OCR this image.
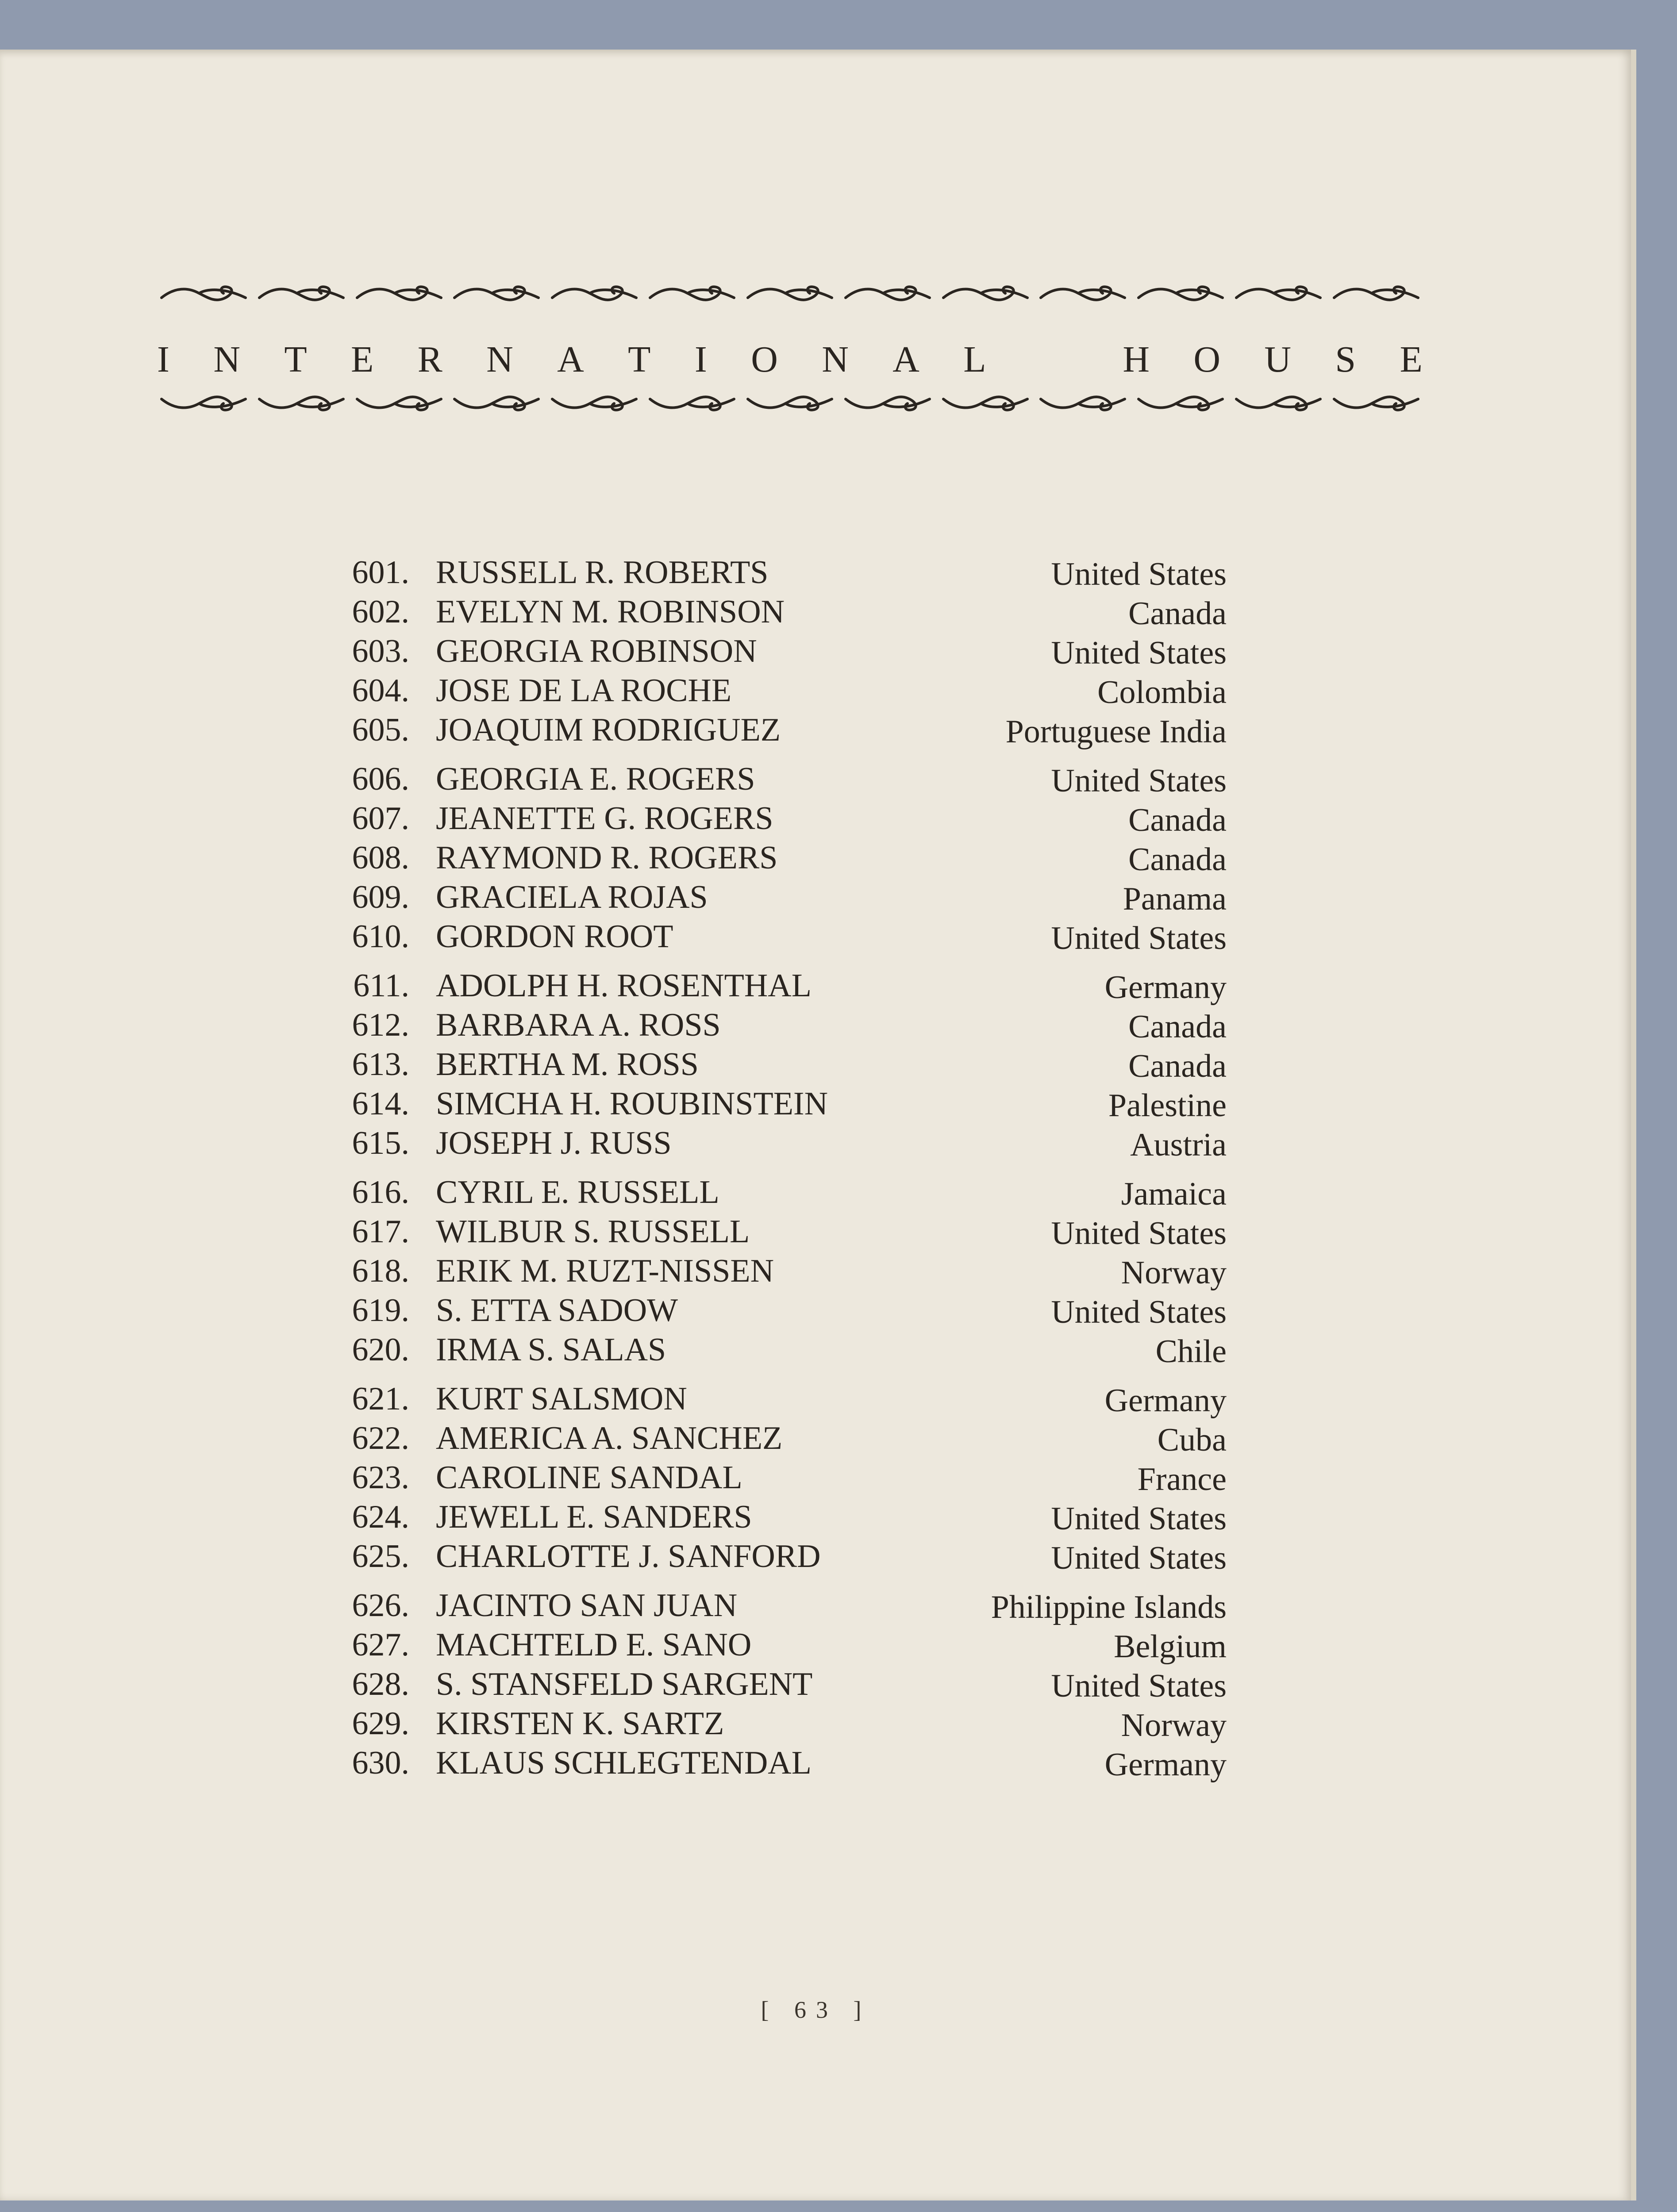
I N T E R N A T I O N A L	H O U S E
601. RUSSELL R. ROBERTS	United States
602. EVELYN M. ROBINSON	Canada
603. GEORGIA ROBINSON	United States
604. JOSE DE LA ROCHE	Colombia
605. JOAQUIM RODRIGUEZ	Portuguese India
606. GEORGIA E. ROGERS	United States
607. JEANETTE G. ROGERS	Canada
608. RAYMOND R. ROGERS	Canada
609. GRACIELA ROJAS	Panama
610. GORDON ROOT	United States
611. ADOLPH H. ROSENTHAL	Germany
612. BARBARA A. ROSS	Canada
613. BERTHA M. ROSS	Canada
614. SIMCHA H. ROUBINSTEIN	Palestine
615. JOSEPH J. RUSS	Austria
616. CYRIL E. RUSSELL	Jamaica
617. WILBUR S. RUSSELL	United States
618. ERIK M. RUZT-NISSEN	Norway
619. S. ETTA SADOW	United States
620. IRMA S. SALAS	Chile
621. KURT SALSMON	Germany
622. AMERICA A. SANCHEZ	Cuba
623. CAROLINE SANDAL	France
624. JEWELL E. SANDERS	United States
625. CHARLOTTE J. SANFORD	United States
626. JACINTO SAN JUAN	Philippine Islands
627. MACHTELD E. SANO	Belgium
628. S. STANSFELD SARGENT	United States
629. KIRSTEN K. SARTZ	Norway
630. KLAUS SCHLEGTENDAL	Germany
[ 63 ]
